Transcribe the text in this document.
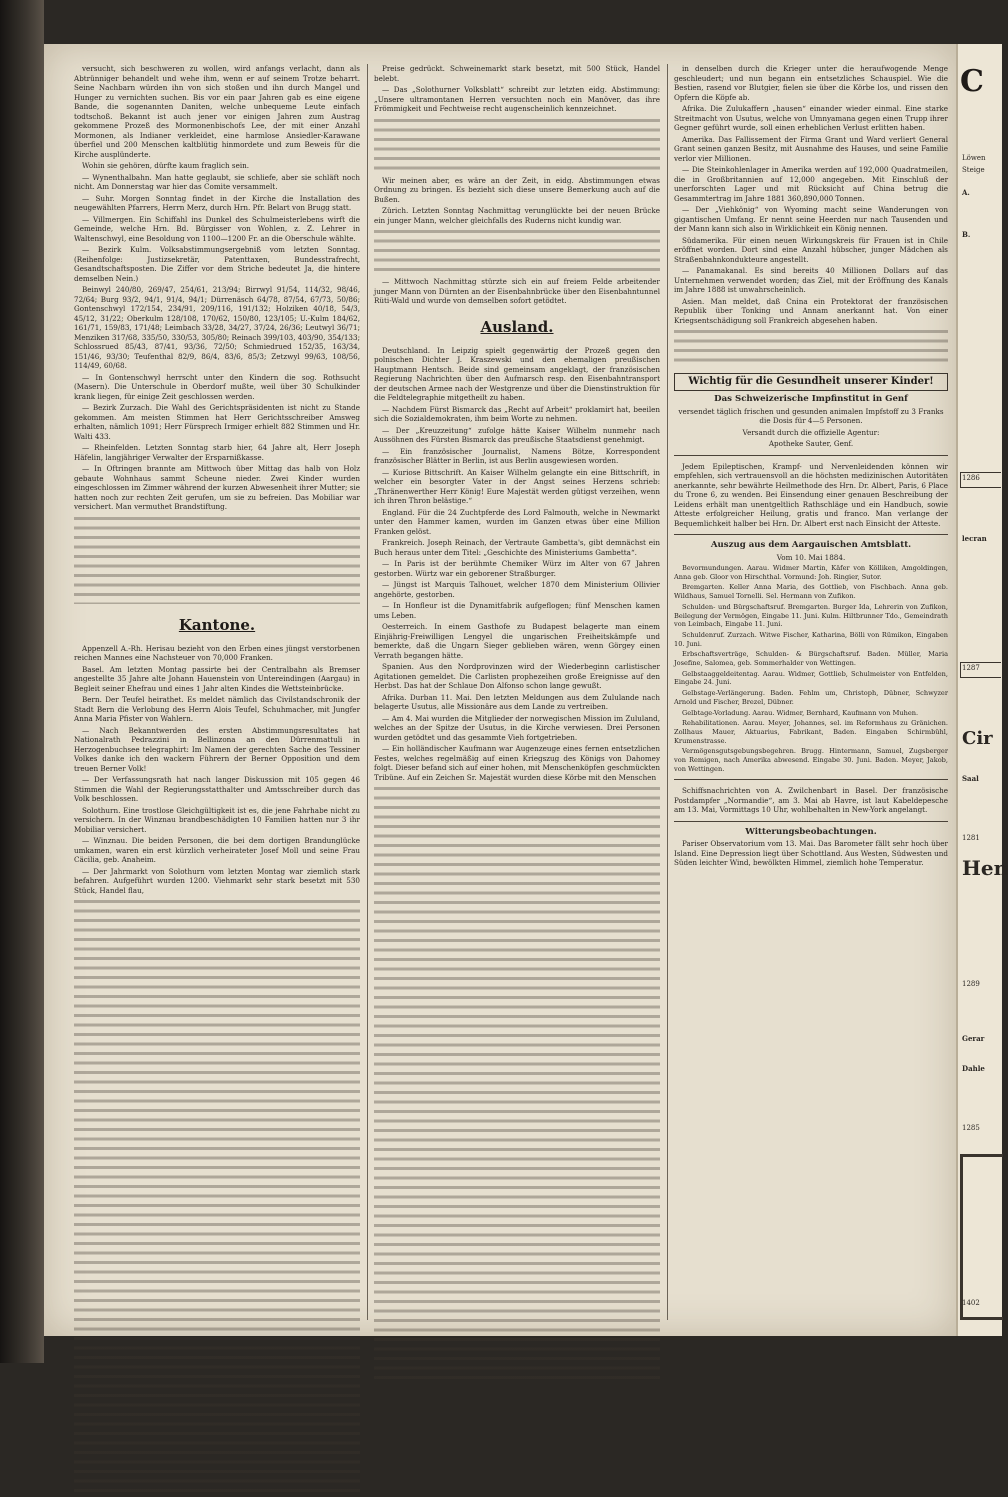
versucht, sich beschweren zu wollen, wird anfangs verlacht, dann als Abtrünniger behandelt und wehe ihm, wenn er auf seinem Trotze beharrt. Seine Nachbarn würden ihn von sich stoßen und ihn durch Mangel und Hunger zu vernichten suchen. Bis vor ein paar Jahren gab es eine eigene Bande, die sogenannten Daniten, welche unbequeme Leute einfach todtschoß. Bekannt ist auch jener vor einigen Jahren zum Austrag gekommene Prozeß des Mormonenbischofs Lee, der mit einer Anzahl Mormonen, als Indianer verkleidet, eine harmlose Ansiedler-Karawane überfiel und 200 Menschen kaltblütig hinmordete und zum Beweis für die Kirche ausplünderte.

Wohin sie gehören, dürfte kaum fraglich sein.

— Wynenthalbahn. Man hatte geglaubt, sie schliefe, aber sie schläft noch nicht. Am Donnerstag war hier das Comite versammelt.

— Suhr. Morgen Sonntag findet in der Kirche die Installation des neugewählten Pfarrers, Herrn Merz, durch Hrn. Pfr. Belart von Brugg statt.

— Villmergen. Ein Schiffahl ins Dunkel des Schulmeisterlebens wirft die Gemeinde, welche Hrn. Bd. Bürgisser von Wohlen, z. Z. Lehrer in Waltenschwyl, eine Besoldung von 1100—1200 Fr. an die Oberschule wählte.

— Bezirk Kulm. Volksabstimmungsergebniß vom letzten Sonntag. (Reihenfolge: Justizsekretär, Patenttaxen, Bundesstrafrecht, Gesandtschaftsposten. Die Ziffer vor dem Striche bedeutet Ja, die hintere demselben Nein.)

Beinwyl 240/80, 269/47, 254/61, 213/94; Birrwyl 91/54, 114/32, 98/46, 72/64; Burg 93/2, 94/1, 91/4, 94/1; Dürrenäsch 64/78, 87/54, 67/73, 50/86; Gontenschwyl 172/154, 234/91, 209/116, 191/132; Holziken 40/18, 54/3, 45/12, 31/22; Oberkulm 128/108, 170/62, 150/80, 123/105; U.-Kulm 184/62, 161/71, 159/83, 171/48; Leimbach 33/28, 34/27, 37/24, 26/36; Leutwyl 36/71; Menziken 317/68, 335/50, 330/53, 305/80; Reinach 399/103, 403/90, 354/133; Schlossrued 85/43, 87/41, 93/36, 72/50; Schmiedrued 152/35, 163/34, 151/46, 93/30; Teufenthal 82/9, 86/4, 83/6, 85/3; Zetzwyl 99/63, 108/56, 114/49, 60/68.

— In Gontenschwyl herrscht unter den Kindern die sog. Rothsucht (Masern). Die Unterschule in Oberdorf mußte, weil über 30 Schulkinder krank liegen, für einige Zeit geschlossen werden.

— Bezirk Zurzach. Die Wahl des Gerichtspräsidenten ist nicht zu Stande gekommen. Am meisten Stimmen hat Herr Gerichtsschreiber Amsweg erhalten, nämlich 1091; Herr Fürsprech Irmiger erhielt 882 Stimmen und Hr. Walti 433.

— Rheinfelden. Letzten Sonntag starb hier, 64 Jahre alt, Herr Joseph Häfelin, langjähriger Verwalter der Ersparnißkasse.

— In Oftringen brannte am Mittwoch über Mittag das halb von Holz gebaute Wohnhaus sammt Scheune nieder. Zwei Kinder wurden eingeschlossen im Zimmer während der kurzen Abwesenheit ihrer Mutter; sie hatten noch zur rechten Zeit gerufen, um sie zu befreien. Das Mobiliar war versichert. Man vermuthet Brandstiftung.

Kantone.

Appenzell A.-Rh. Herisau bezieht von den Erben eines jüngst verstorbenen reichen Mannes eine Nachsteuer von 70,000 Franken.

Basel. Am letzten Montag passirte bei der Centralbahn als Bremser angestellte 35 Jahre alte Johann Hauenstein von Untereindingen (Aargau) in Begleit seiner Ehefrau und eines 1 Jahr alten Kindes die Wettsteinbrücke.

Bern. Der Teufel heirathet. Es meldet nämlich das Civilstandschronik der Stadt Bern die Verlobung des Herrn Alois Teufel, Schuhmacher, mit Jungfer Anna Maria Pfister von Wahlern.

— Nach Bekanntwerden des ersten Abstimmungsresultates hat Nationalrath Pedrazzini in Bellinzona an den Dürrenmattuli in Herzogenbuchsee telegraphirt: Im Namen der gerechten Sache des Tessiner Volkes danke ich den wackern Führern der Berner Opposition und dem treuen Berner Volk!

— Der Verfassungsrath hat nach langer Diskussion mit 105 gegen 46 Stimmen die Wahl der Regierungsstatthalter und Amtsschreiber durch das Volk beschlossen.

Solothurn. Eine trostlose Gleichgültigkeit ist es, die jene Fahrhabe nicht zu versichern. In der Winznau brandbeschädigten 10 Familien hatten nur 3 ihr Mobiliar versichert.

— Winznau. Die beiden Personen, die bei dem dortigen Brandunglücke umkamen, waren ein erst kürzlich verheirateter Josef Moll und seine Frau Cäcilia, geb. Anaheim.

— Der Jahrmarkt von Solothurn vom letzten Montag war ziemlich stark befahren. Aufgeführt wurden 1200. Viehmarkt sehr stark besetzt mit 530 Stück, Handel flau,

Preise gedrückt. Schweinemarkt stark besetzt, mit 500 Stück, Handel belebt.

— Das „Solothurner Volksblatt“ schreibt zur letzten eidg. Abstimmung: „Unsere ultramontanen Herren versuchten noch ein Manöver, das ihre Frömmigkeit und Fechtweise recht augenscheinlich kennzeichnet.

Wir meinen aber, es wäre an der Zeit, in eidg. Abstimmungen etwas Ordnung zu bringen. Es bezieht sich diese unsere Bemerkung auch auf die Bußen.

Zürich. Letzten Sonntag Nachmittag verunglückte bei der neuen Brücke ein junger Mann, welcher gleichfalls des Ruderns nicht kundig war.

— Mittwoch Nachmittag stürzte sich ein auf freiem Felde arbeitender junger Mann von Dürnten an der Eisenbahnbrücke über den Eisenbahntunnel Rüti-Wald und wurde von demselben sofort getödtet.

Ausland.

Deutschland. In Leipzig spielt gegenwärtig der Prozeß gegen den polnischen Dichter J. Kraszewski und den ehemaligen preußischen Hauptmann Hentsch. Beide sind gemeinsam angeklagt, der französischen Regierung Nachrichten über den Aufmarsch resp. den Eisenbahntransport der deutschen Armee nach der Westgrenze und über die Dienstinstruktion für die Feldtelegraphie mitgetheilt zu haben.

— Nachdem Fürst Bismarck das „Recht auf Arbeit“ proklamirt hat, beeilen sich die Sozialdemokraten, ihm beim Worte zu nehmen.

— Der „Kreuzzeitung“ zufolge hätte Kaiser Wilhelm nunmehr nach Aussöhnen des Fürsten Bismarck das preußische Staatsdienst genehmigt.

— Ein französischer Journalist, Namens Bötze, Korrespondent französischer Blätter in Berlin, ist aus Berlin ausgewiesen worden.

— Kuriose Bittschrift. An Kaiser Wilhelm gelangte ein eine Bittschrift, in welcher ein besorgter Vater in der Angst seines Herzens schrieb: „Thränenwerther Herr König! Eure Majestät werden gütigst verzeihen, wenn ich ihren Thron belästige.“

England. Für die 24 Zuchtpferde des Lord Falmouth, welche in Newmarkt unter den Hammer kamen, wurden im Ganzen etwas über eine Million Franken gelöst.

Frankreich. Joseph Reinach, der Vertraute Gambetta's, gibt demnächst ein Buch heraus unter dem Titel: „Geschichte des Ministeriums Gambetta“.

— In Paris ist der berühmte Chemiker Würz im Alter von 67 Jahren gestorben. Würtz war ein geborener Straßburger.

— Jüngst ist Marquis Talhouet, welcher 1870 dem Ministerium Ollivier angehörte, gestorben.

— In Honfleur ist die Dynamitfabrik aufgeflogen; fünf Menschen kamen ums Leben.

Oesterreich. In einem Gasthofe zu Budapest belagerte man einem Einjährig-Freiwilligen Lengyel die ungarischen Freiheitskämpfe und bemerkte, daß die Ungarn Sieger geblieben wären, wenn Görgey einen Verrath begangen hätte.

Spanien. Aus den Nordprovinzen wird der Wiederbeginn carlistischer Agitationen gemeldet. Die Carlisten prophezeihen große Ereignisse auf den Herbst. Das hat der Schlaue Don Alfonso schon lange gewußt.

Afrika. Durban 11. Mai. Den letzten Meldungen aus dem Zululande nach belagerte Usutus, alle Missionäre aus dem Lande zu vertreiben.

— Am 4. Mai wurden die Mitglieder der norwegischen Mission im Zululand, welches an der Spitze der Usutus, in die Kirche verwiesen. Drei Personen wurden getödtet und das gesammte Vieh fortgetrieben.

— Ein holländischer Kaufmann war Augenzeuge eines fernen entsetzlichen Festes, welches regelmäßig auf einen Kriegszug des Königs von Dahomey folgt. Dieser befand sich auf einer hohen, mit Menschenköpfen geschmückten Tribüne. Auf ein Zeichen Sr. Majestät wurden diese Körbe mit den Menschen

in denselben durch die Krieger unter die heraufwogende Menge geschleudert; und nun begann ein entsetzliches Schauspiel. Wie die Bestien, rasend vor Blutgier, fielen sie über die Körbe los, und rissen den Opfern die Köpfe ab.

Afrika. Die Zulukaffern „hausen“ einander wieder einmal. Eine starke Streitmacht von Usutus, welche von Umnyamana gegen einen Trupp ihrer Gegner geführt wurde, soll einen erheblichen Verlust erlitten haben.

Amerika. Das Fallissement der Firma Grant und Ward verliert General Grant seinen ganzen Besitz, mit Ausnahme des Hauses, und seine Familie verlor vier Millionen.

— Die Steinkohlenlager in Amerika werden auf 192,000 Quadratmeilen, die in Großbritannien auf 12,000 angegeben. Mit Einschluß der unerforschten Lager und mit Rücksicht auf China betrug die Gesammtertrag im Jahre 1881 360,890,000 Tonnen.

— Der „Viehkönig“ von Wyoming macht seine Wanderungen von gigantischen Umfang. Er nennt seine Heerden nur nach Tausenden und der Mann kann sich also in Wirklichkeit ein König nennen.

Südamerika. Für einen neuen Wirkungskreis für Frauen ist in Chile eröffnet worden. Dort sind eine Anzahl hübscher, junger Mädchen als Straßenbahnkondukteure angestellt.

— Panamakanal. Es sind bereits 40 Millionen Dollars auf das Unternehmen verwendet worden; das Ziel, mit der Eröffnung des Kanals im Jahre 1888 ist unwahrscheinlich.

Asien. Man meldet, daß Cnina ein Protektorat der französischen Republik über Tonking und Annam anerkannt hat. Von einer Kriegsentschädigung soll Frankreich abgesehen haben.

Wichtig für die Gesundheit unserer Kinder!
Das Schweizerische Impfinstitut in Genf

versendet täglich frischen und gesunden animalen Impfstoff zu 3 Franks die Dosis für 4—5 Personen.

Versandt durch die offizielle Agentur:

Apotheke Sauter, Genf.

Jedem Epileptischen, Krampf- und Nervenleidenden können wir empfehlen, sich vertrauensvoll an die höchsten medizinischen Autoritäten anerkannte, sehr bewährte Heilmethode des Hrn. Dr. Albert, Paris, 6 Place du Trone 6, zu wenden. Bei Einsendung einer genauen Beschreibung der Leidens erhält man unentgeltlich Rathschläge und ein Handbuch, sowie Atteste erfolgreicher Heilung, gratis und franco. Man verlange der Bequemlichkeit halber bei Hrn. Dr. Albert erst nach Einsicht der Atteste.

Auszug aus dem Aargauischen Amtsblatt.

Vom 10. Mai 1884.

Bevormundungen. Aarau. Widmer Martin, Käfer von Kölliken, Amgoldingen, Anna geb. Gloor von Hirschthal. Vormund: Joh. Ringier, Sutor.

Bremgarten. Keller Anna Maria, des Gottlieb, von Fischbach. Anna geb. Wildhaus, Samuel Tornelli. Sel. Hermann von Zufikon.

Schulden- und Bürgschaftsruf. Bremgarten. Burger Ida, Lehrerin von Zufikon, Beilegung der Vermögen, Eingabe 11. Juni. Kulm. Hiltbrunner Tdo., Gemeindrath von Leimbach, Eingabe 11. Juni.

Schuldenruf. Zurzach. Witwe Fischer, Katharina, Bölli von Rümikon, Eingaben 10. Juni.

Erbschaftsverträge, Schulden- & Bürgschaftsruf. Baden. Müller, Maria Josefine, Salomea, geb. Sommerhalder von Wettingen.

Gelbstaaggeldeitentag. Aarau. Widmer, Gottlieb, Schulmeister von Entfelden, Eingabe 24. Juni.

Gelbstage-Verlängerung. Baden. Fehlm um, Christoph, Dübner, Schwyzer Arnold und Fischer, Brezel, Dübner.

Gelbtage-Vorladung. Aarau. Widmer, Bernhard, Kaufmann von Muhen.

Rehabilitationen. Aarau. Meyer, Johannes, sel. im Reformhaus zu Gränichen. Zollhaus Mauer, Aktuarius, Fabrikant, Baden. Eingaben Schirmbühl, Krumenstrasse.

Vermögensgutsgebungsbegehren. Brugg. Hintermann, Samuel, Zugsberger von Remigen, nach Amerika abwesend. Eingabe 30. Juni. Baden. Meyer, Jakob, von Wettingen.

Schiffsnachrichten von A. Zwilchenbart in Basel. Der französische Postdampfer „Normandie“, am 3. Mai ab Havre, ist laut Kabeldepesche am 13. Mai, Vormittags 10 Uhr, wohlbehalten in New-York angelangt.

Witterungsbeobachtungen.

Pariser Observatorium vom 13. Mai. Das Barometer fällt sehr hoch über Island. Eine Depression liegt über Schottland. Aus Westen, Südwesten und Süden leichter Wind, bewölkten Himmel, ziemlich hohe Temperatur.

C
Löwen
Steige
A.
B.
1286
lecran
1287
Cir
Saal
1281
Hen
1289
Gerar
Dahle
1285
1402
